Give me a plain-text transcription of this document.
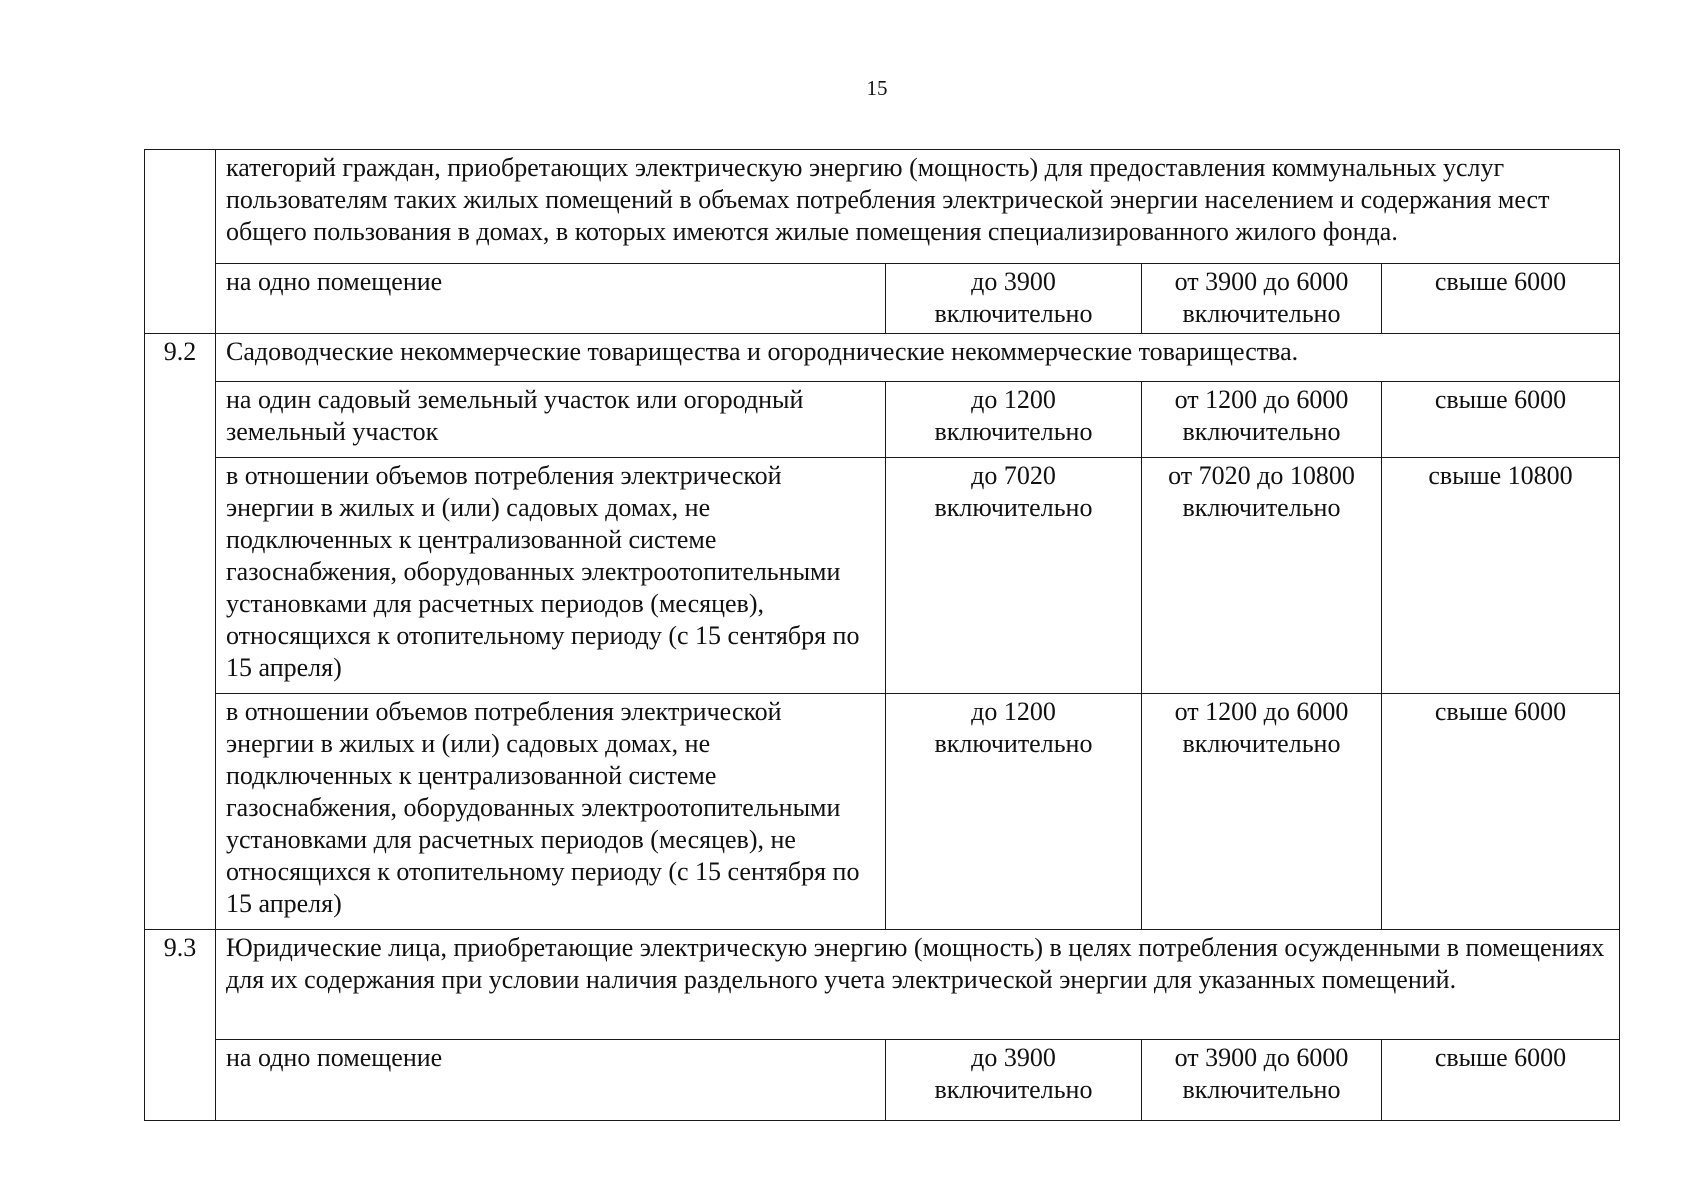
15

	категорий граждан, приобретающих электрическую энергию (мощность) для предоставления коммунальных услуг пользователям таких жилых помещений в объемах потребления электрической энергии населением и содержания мест общего пользования в домах, в которых имеются жилые помещения специализированного жилого фонда.			

	на одно помещение	до 3900 включительно	от 3900 до 6000 включительно	свыше 6000

9.2	Садоводческие некоммерческие товарищества и огороднические некоммерческие товарищества.			

	на один садовый земельный участок или огородный земельный участок	до 1200 включительно	от 1200 до 6000 включительно	свыше 6000

	в отношении объемов потребления электрической энергии в жилых и (или) садовых домах, не подключенных к централизованной системе газоснабжения, оборудованных электроотопительными установками для расчетных периодов (месяцев), относящихся к отопительному периоду (с 15 сентября по 15 апреля)	до 7020 включительно	от 7020 до 10800 включительно	свыше 10800

	в отношении объемов потребления электрической энергии в жилых и (или) садовых домах, не подключенных к централизованной системе газоснабжения, оборудованных электроотопительными установками для расчетных периодов (месяцев), не относящихся к отопительному периоду (с 15 сентября по 15 апреля)	до 1200 включительно	от 1200 до 6000 включительно	свыше 6000

9.3	Юридические лица, приобретающие электрическую энергию (мощность) в целях потребления осужденными в помещениях для их содержания при условии наличия раздельного учета электрической энергии для указанных помещений.			

	на одно помещение	до 3900 включительно	от 3900 до 6000 включительно	свыше 6000
